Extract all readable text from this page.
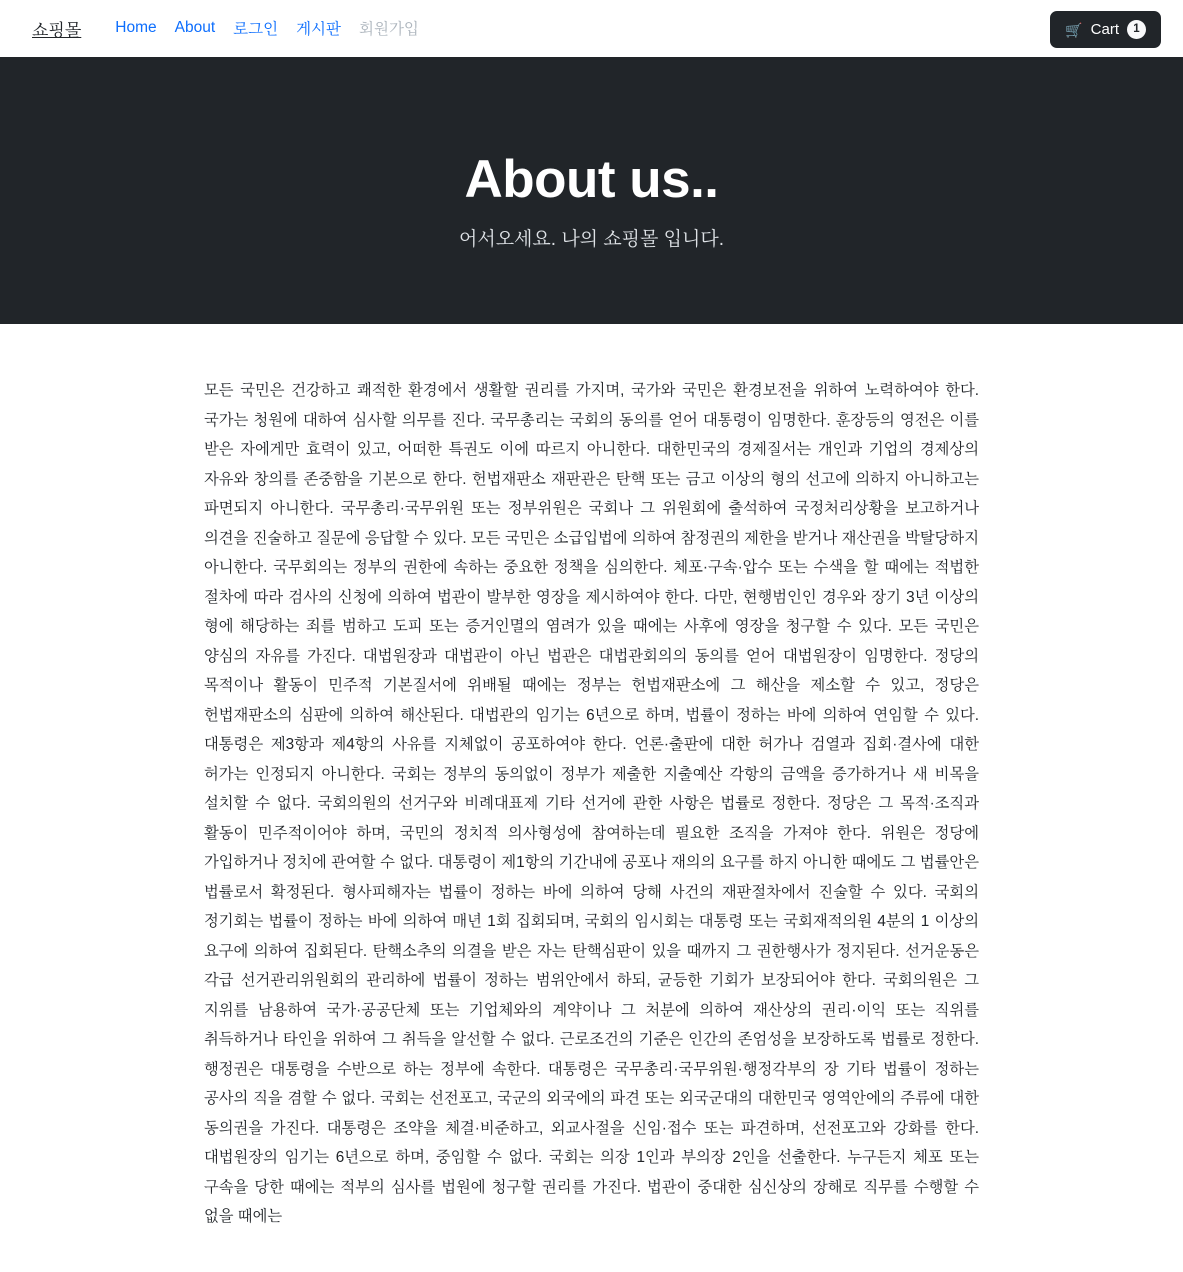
쇼핑몰 Home About 로그인 게시판 회원가입	🛒 Cart	1
About us..

어서오세요. 나의 쇼핑몰 입니다.

모든 국민은 건강하고 쾌적한 환경에서 생활할 권리를 가지며, 국가와 국민은 환경보전을 위하여 노력하여야 한다. 국가는 청원에 대하여 심사할 의무를 진다. 국무총리는 국회의 동의를 얻어 대통령이 임명한다. 훈장등의 영전은 이를 받은 자에게만 효력이 있고, 어떠한 특권도 이에 따르지 아니한다. 대한민국의 경제질서는 개인과 기업의 경제상의 자유와 창의를 존중함을 기본으로 한다. 헌법재판소 재판관은 탄핵 또는 금고 이상의 형의 선고에 의하지 아니하고는 파면되지 아니한다. 국무총리·국무위원 또는 정부위원은 국회나 그 위원회에 출석하여 국정처리상황을 보고하거나 의견을 진술하고 질문에 응답할 수 있다. 모든 국민은 소급입법에 의하여 참정권의 제한을 받거나 재산권을 박탈당하지 아니한다. 국무회의는 정부의 권한에 속하는 중요한 정책을 심의한다. 체포·구속·압수 또는 수색을 할 때에는 적법한 절차에 따라 검사의 신청에 의하여 법관이 발부한 영장을 제시하여야 한다. 다만, 현행범인인 경우와 장기 3년 이상의 형에 해당하는 죄를 범하고 도피 또는 증거인멸의 염려가 있을 때에는 사후에 영장을 청구할 수 있다. 모든 국민은 양심의 자유를 가진다. 대법원장과 대법관이 아닌 법관은 대법관회의의 동의를 얻어 대법원장이 임명한다. 정당의 목적이나 활동이 민주적 기본질서에 위배될 때에는 정부는 헌법재판소에 그 해산을 제소할 수 있고, 정당은 헌법재판소의 심판에 의하여 해산된다. 대법관의 임기는 6년으로 하며, 법률이 정하는 바에 의하여 연임할 수 있다. 대통령은 제3항과 제4항의 사유를 지체없이 공포하여야 한다. 언론·출판에 대한 허가나 검열과 집회·결사에 대한 허가는 인정되지 아니한다. 국회는 정부의 동의없이 정부가 제출한 지출예산 각항의 금액을 증가하거나 새 비목을 설치할 수 없다. 국회의원의 선거구와 비례대표제 기타 선거에 관한 사항은 법률로 정한다. 정당은 그 목적·조직과 활동이 민주적이어야 하며, 국민의 정치적 의사형성에 참여하는데 필요한 조직을 가져야 한다. 위원은 정당에 가입하거나 정치에 관여할 수 없다. 대통령이 제1항의 기간내에 공포나 재의의 요구를 하지 아니한 때에도 그 법률안은 법률로서 확정된다. 형사피해자는 법률이 정하는 바에 의하여 당해 사건의 재판절차에서 진술할 수 있다. 국회의 정기회는 법률이 정하는 바에 의하여 매년 1회 집회되며, 국회의 임시회는 대통령 또는 국회재적의원 4분의 1 이상의 요구에 의하여 집회된다. 탄핵소추의 의결을 받은 자는 탄핵심판이 있을 때까지 그 권한행사가 정지된다. 선거운동은 각급 선거관리위원회의 관리하에 법률이 정하는 범위안에서 하되, 균등한 기회가 보장되어야 한다. 국회의원은 그 지위를 남용하여 국가·공공단체 또는 기업체와의 계약이나 그 처분에 의하여 재산상의 권리·이익 또는 직위를 취득하거나 타인을 위하여 그 취득을 알선할 수 없다. 근로조건의 기준은 인간의 존엄성을 보장하도록 법률로 정한다. 행정권은 대통령을 수반으로 하는 정부에 속한다. 대통령은 국무총리·국무위원·행정각부의 장 기타 법률이 정하는 공사의 직을 겸할 수 없다. 국회는 선전포고, 국군의 외국에의 파견 또는 외국군대의 대한민국 영역안에의 주류에 대한 동의권을 가진다. 대통령은 조약을 체결·비준하고, 외교사절을 신임·접수 또는 파견하며, 선전포고와 강화를 한다. 대법원장의 임기는 6년으로 하며, 중임할 수 없다. 국회는 의장 1인과 부의장 2인을 선출한다. 누구든지 체포 또는 구속을 당한 때에는 적부의 심사를 법원에 청구할 권리를 가진다. 법관이 중대한 심신상의 장해로 직무를 수행할 수 없을 때에는
